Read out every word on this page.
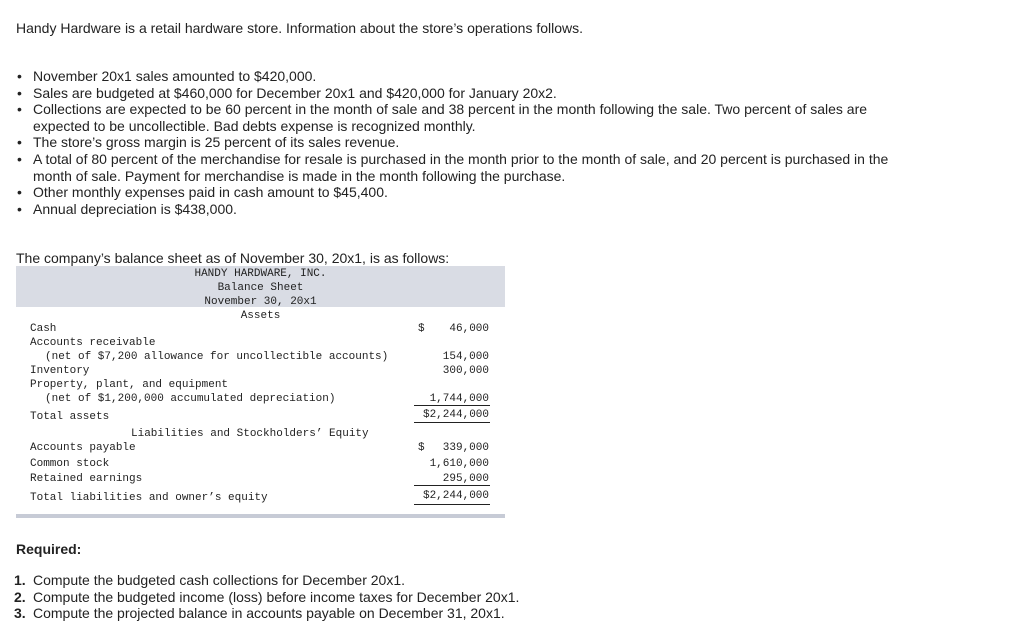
Handy Hardware is a retail hardware store. Information about the store’s operations follows.
• November 20x1 sales amounted to $420,000.
• Sales are budgeted at $460,000 for December 20x1 and $420,000 for January 20x2.
• Collections are expected to be 60 percent in the month of sale and 38 percent in the month following the sale. Two percent of sales are expected to be uncollectible. Bad debts expense is recognized monthly.
• The store’s gross margin is 25 percent of its sales revenue.
• A total of 80 percent of the merchandise for resale is purchased in the month prior to the month of sale, and 20 percent is purchased in the month of sale. Payment for merchandise is made in the month following the purchase.
• Other monthly expenses paid in cash amount to $45,400.
• Annual depreciation is $438,000.
The company’s balance sheet as of November 30, 20x1, is as follows:
HANDY HARDWARE, INC.
Balance Sheet
November 30, 20x1
Assets
Cash	$ 46,000
Accounts receivable
(net of $7,200 allowance for uncollectible accounts)	154,000
Inventory	300,000
Property, plant, and equipment
(net of $1,200,000 accumulated depreciation)	1,744,000
Total assets	$2,244,000
Liabilities and Stockholders’ Equity
Accounts payable	$ 339,000
Common stock	1,610,000
Retained earnings	295,000
Total liabilities and owner’s equity	$2,244,000
Required:
1. Compute the budgeted cash collections for December 20x1.
2. Compute the budgeted income (loss) before income taxes for December 20x1.
3. Compute the projected balance in accounts payable on December 31, 20x1.
